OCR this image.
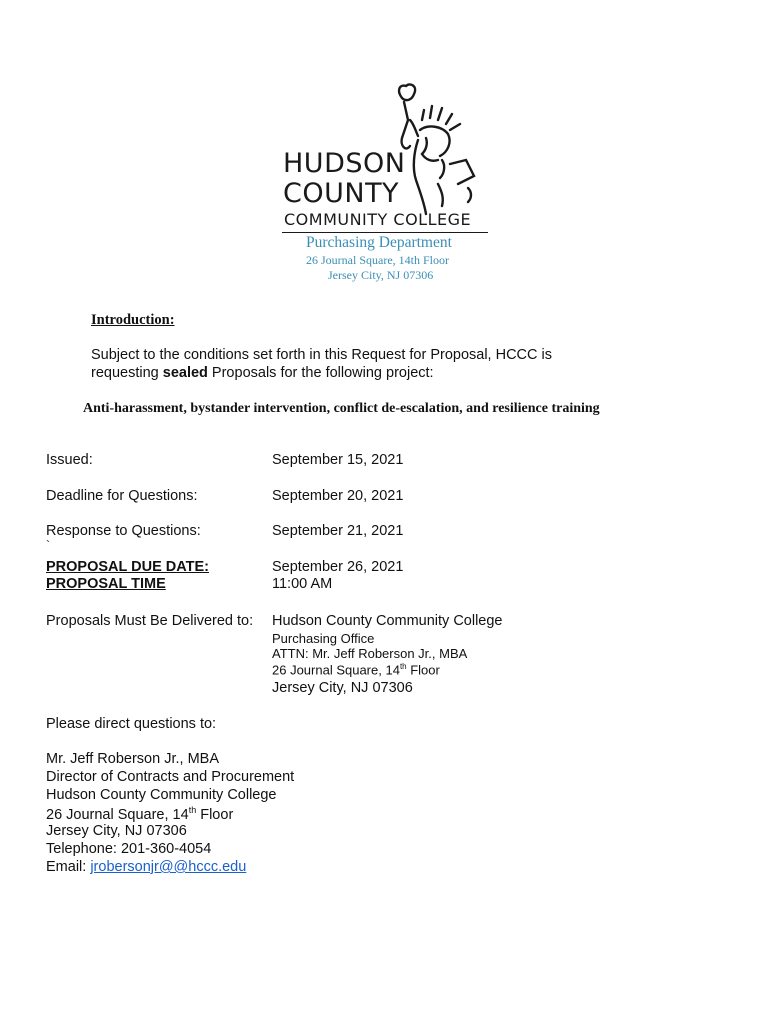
HUDSON
COUNTY
COMMUNITY COLLEGE
Purchasing Department
26 Journal Square, 14th Floor
Jersey City, NJ 07306
Introduction:
Subject to the conditions set forth in this Request for Proposal, HCCC is
requesting sealed Proposals for the following project:
Anti-harassment, bystander intervention, conflict de-escalation, and resilience training
Issued:	September 15, 2021
Deadline for Questions:	September 20, 2021
Response to Questions:	September 21, 2021
`
PROPOSAL DUE DATE:	September 26, 2021
PROPOSAL TIME	11:00 AM
Proposals Must Be Delivered to: Hudson County Community College
Purchasing Office
ATTN: Mr. Jeff Roberson Jr., MBA
26 Journal Square, 14th Floor
Jersey City, NJ 07306
Please direct questions to:
Mr. Jeff Roberson Jr., MBA
Director of Contracts and Procurement
Hudson County Community College
26 Journal Square, 14th Floor
Jersey City, NJ 07306
Telephone: 201-360-4054
Email: jrobersonjr@@hccc.edu
